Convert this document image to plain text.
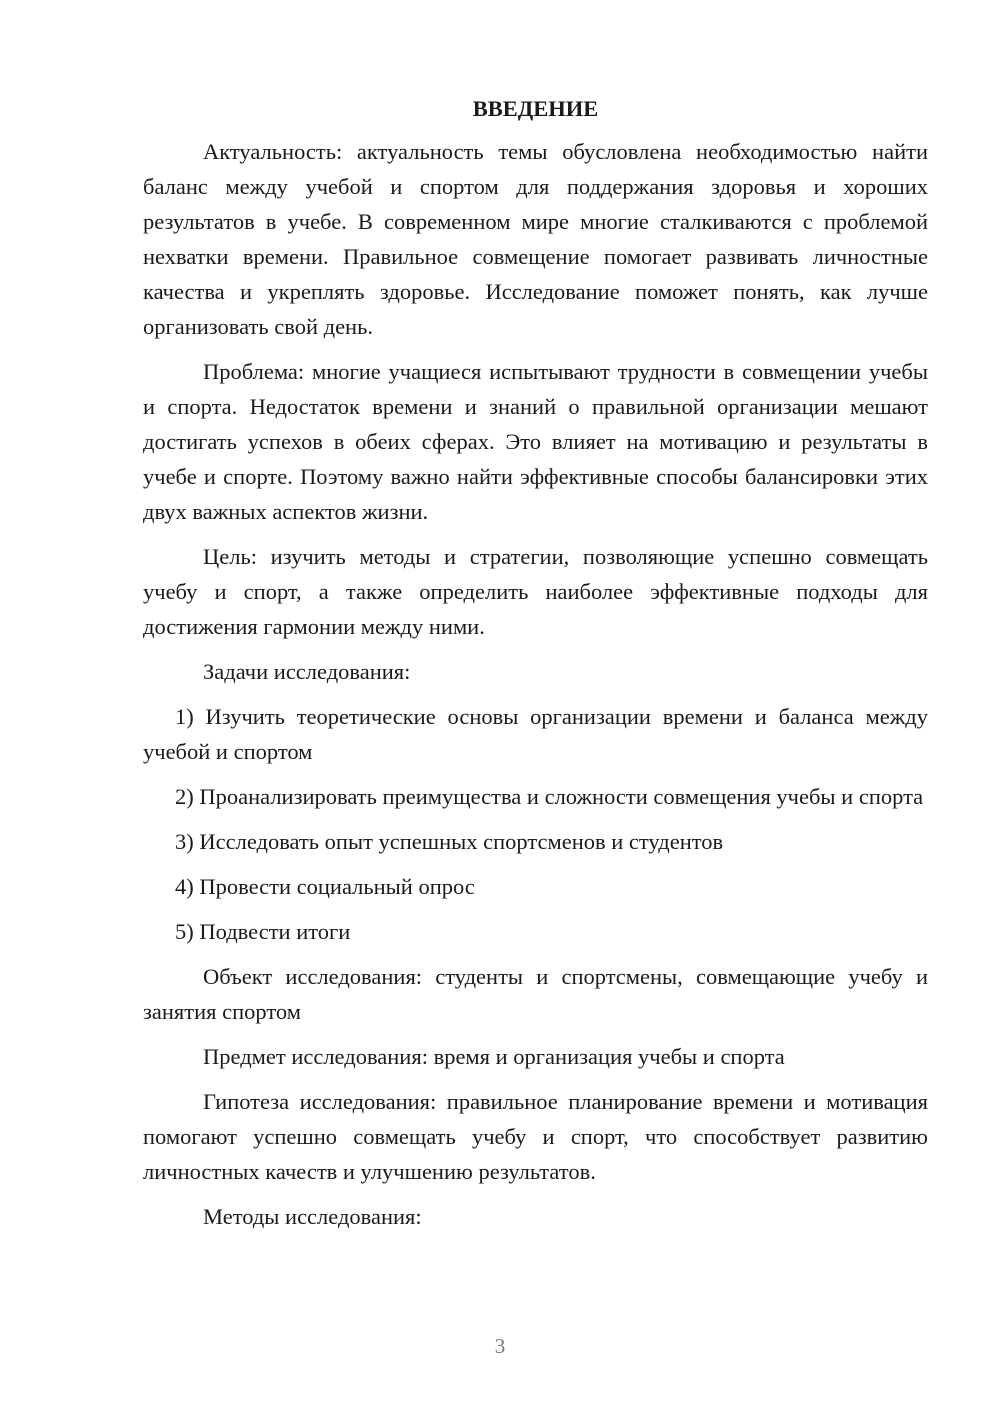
ВВЕДЕНИЕ

Актуальность: актуальность темы обусловлена необходимостью найти баланс между учебой и спортом для поддержания здоровья и хороших результатов в учебе. В современном мире многие сталкиваются с проблемой нехватки времени. Правильное совмещение помогает развивать личностные качества и укреплять здоровье. Исследование поможет понять, как лучше организовать свой день.

Проблема: многие учащиеся испытывают трудности в совмещении учебы и спорта. Недостаток времени и знаний о правильной организации мешают достигать успехов в обеих сферах. Это влияет на мотивацию и результаты в учебе и спорте. Поэтому важно найти эффективные способы балансировки этих двух важных аспектов жизни.

Цель: изучить методы и стратегии, позволяющие успешно совмещать учебу и спорт, а также определить наиболее эффективные подходы для достижения гармонии между ними.

Задачи исследования:

1) Изучить теоретические основы организации времени и баланса между учебой и спортом

2) Проанализировать преимущества и сложности совмещения учебы и спорта

3) Исследовать опыт успешных спортсменов и студентов

4) Провести социальный опрос

5) Подвести итоги

Объект исследования: студенты и спортсмены, совмещающие учебу и занятия спортом

Предмет исследования: время и организация учебы и спорта

Гипотеза исследования: правильное планирование времени и мотивация помогают успешно совмещать учебу и спорт, что способствует развитию личностных качеств и улучшению результатов.

Методы исследования:

3
